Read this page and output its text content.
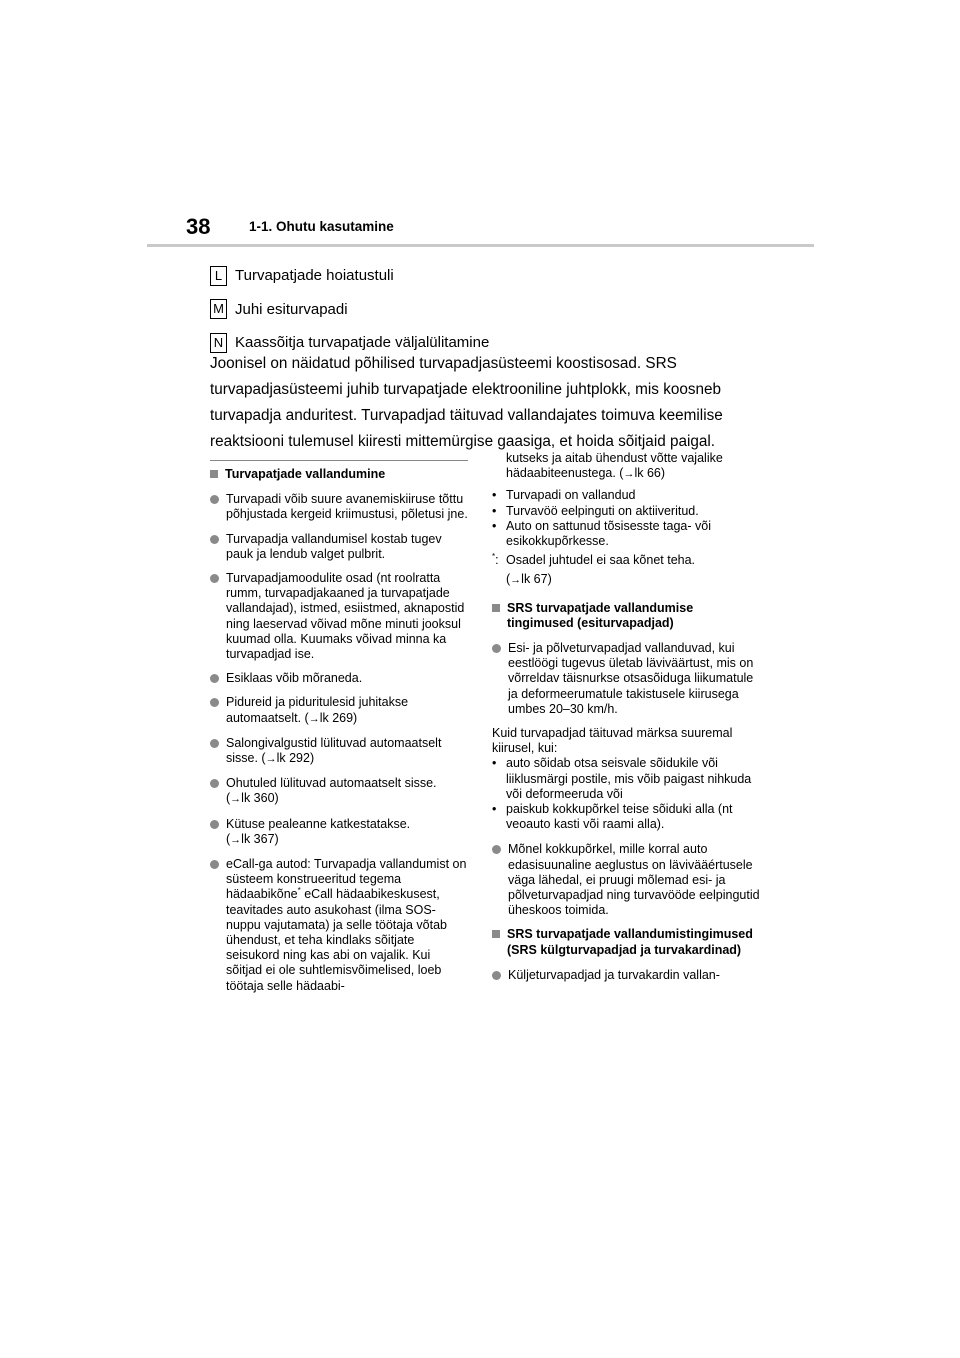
38	1-1. Ohutu kasutamine
L Turvapatjade hoiatustuli
M Juhi esiturvapadi
N Kaassõitja turvapatjade väljalülitamine

Joonisel on näidatud põhilised turvapadjasüsteemi koostisosad. SRS turvapadjasüsteemi juhib turvapatjade elektrooniline juhtplokk, mis koosneb turvapadja anduritest. Turvapadjad täituvad vallandajates toimuva keemilise reaktsiooni tulemusel kiiresti mittemürgise gaasiga, et hoida sõitjaid paigal.

Turvapatjade vallandumine
Turvapadi võib suure avanemiskiiruse tõttu põhjustada kergeid kriimustusi, põletusi jne.
Turvapadja vallandumisel kostab tugev pauk ja lendub valget pulbrit.
Turvapadjamoodulite osad (nt roolratta rumm, turvapadjakaaned ja turvapatjade vallandajad), istmed, esiistmed, aknapostid ning laeservad võivad mõne minuti jooksul kuumad olla. Kuumaks võivad minna ka turvapadjad ise.
Esiklaas võib mõraneda.
Pidureid ja piduritulesid juhitakse automaatselt. (→lk 269)
Salongivalgustid lülituvad automaatselt sisse. (→lk 292)
Ohutuled lülituvad automaatselt sisse.
(→lk 360)
Kütuse pealeanne katkestatakse.
(→lk 367)
eCall-ga autod: Turvapadja vallandumist on süsteem konstrueeritud tegema hädaabikõne* eCall hädaabikeskusest, teavitades auto asukohast (ilma SOS-nuppu vajutamata) ja selle töötaja võtab ühendust, et teha kindlaks sõitjate seisukord ning kas abi on vajalik. Kui sõitjad ei ole suhtlemisvõimelised, loeb töötaja selle hädaabi-
kutseks ja aitab ühendust võtte vajalike hädaabiteenustega. (→lk 66)
• Turvapadi on vallandud
• Turvavöö eelpinguti on aktiiveritud.
• Auto on sattunud tõsisesste taga- või esikokkupõrkesse.
*: Osadel juhtudel ei saa kõnet teha.
(→lk 67)
SRS turvapatjade vallandumise tingimused (esiturvapadjad)
Esi- ja põlveturvapadjad vallanduvad, kui eestlöögi tugevus ületab läviväärtust, mis on võrreldav täisnurkse otsasõiduga liikumatule ja deformeerumatule takistusele kiirusega umbes 20–30 km/h.
Kuid turvapadjad täituvad märksa suuremal kiirusel, kui:
• auto sõidab otsa seisvale sõidukile või liiklusmärgi postile, mis võib paigast nihkuda või deformeeruda või
• paiskub kokkupõrkel teise sõiduki alla (nt veoauto kasti või raami alla).
Mõnel kokkupõrkel, mille korral auto edasisuunaline aeglustus on lävivääértusele väga lähedal, ei pruugi mõlemad esi- ja põlveturvapadjad ning turvavööde eelpingutid üheskoos toimida.
SRS turvapatjade vallandumistingimused (SRS külgturvapadjad ja turvakardinad)
Küljeturvapadjad ja turvakardin vallan-
